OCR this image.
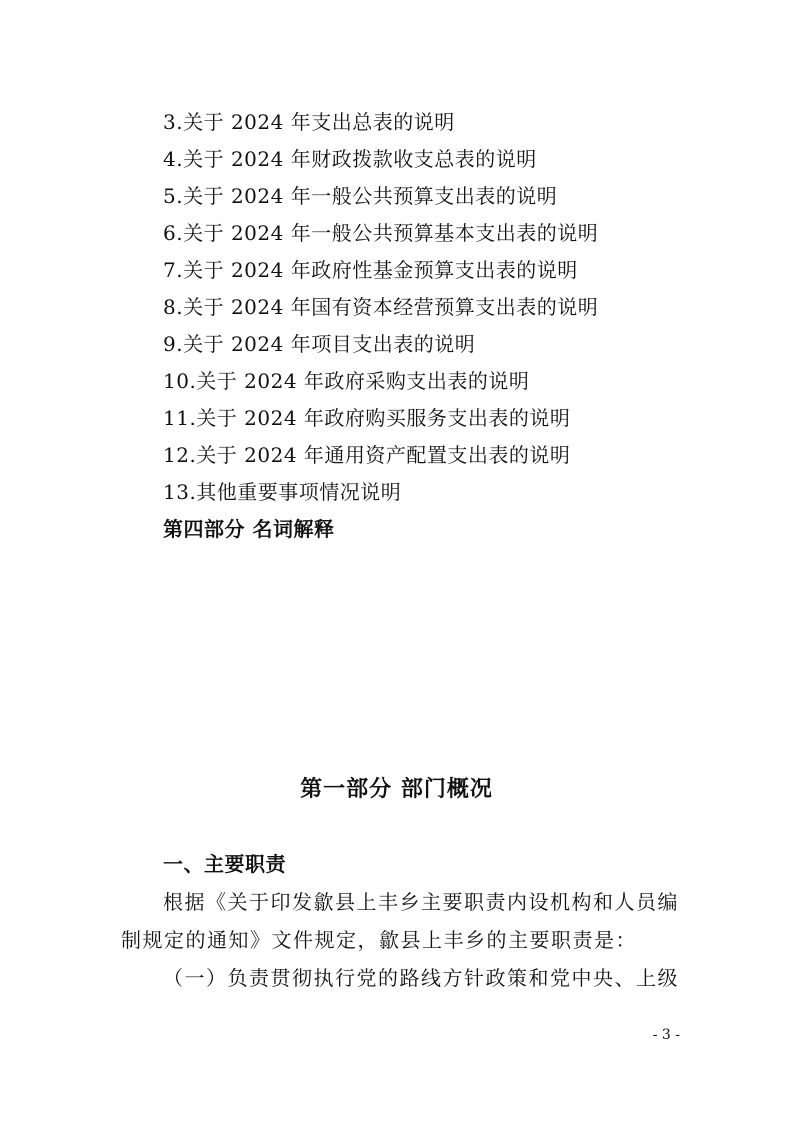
3.关于 2024 年支出总表的说明
4.关于 2024 年财政拨款收支总表的说明
5.关于 2024 年一般公共预算支出表的说明
6.关于 2024 年一般公共预算基本支出表的说明
7.关于 2024 年政府性基金预算支出表的说明
8.关于 2024 年国有资本经营预算支出表的说明
9.关于 2024 年项目支出表的说明
10.关于 2024 年政府采购支出表的说明
11.关于 2024 年政府购买服务支出表的说明
12.关于 2024 年通用资产配置支出表的说明
13.其他重要事项情况说明
第四部分 名词解释
第一部分 部门概况
一、主要职责

根据《关于印发歙县上丰乡主要职责内设机构和人员编

制规定的通知》文件规定，歙县上丰乡的主要职责是：

（一）负责贯彻执行党的路线方针政策和党中央、上级

- 3 -
